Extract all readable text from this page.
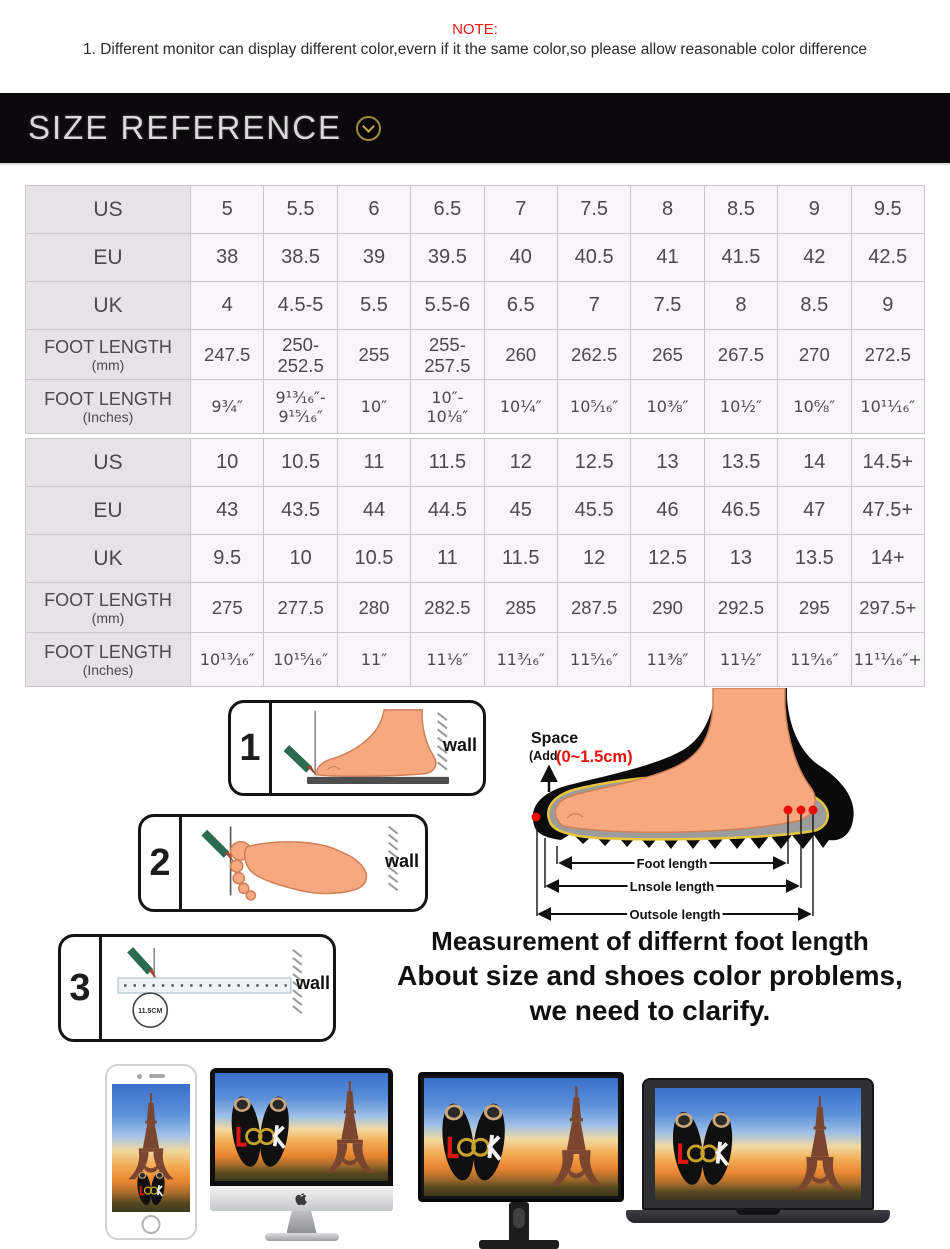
NOTE:
1. Different monitor can display different color,evern if it the same color,so please allow reasonable color difference
SIZE REFERENCE
US	5	5.5	6	6.5	7	7.5	8	8.5	9	9.5

EU	38	38.5	39	39.5	40	40.5	41	41.5	42	42.5

UK	4	4.5-5	5.5	5.5-6	6.5	7	7.5	8	8.5	9

FOOT LENGTH
(mm)	247.5	250- 252.5	255	255- 257.5	260	262.5	265	267.5	270	272.5

FOOT LENGTH
(Inches)	9¾″	9¹³⁄₁₆″- 9¹⁵⁄₁₆″	10″	10″- 10⅛″	10¼″	10⁵⁄₁₆″	10⅜″	10½″	10⁶⁄₈″	10¹¹⁄₁₆″
US	10	10.5	11	11.5	12	12.5	13	13.5	14	14.5+

EU	43	43.5	44	44.5	45	45.5	46	46.5	47	47.5+

UK	9.5	10	10.5	11	11.5	12	12.5	13	13.5	14+

FOOT LENGTH
(mm)	275	277.5	280	282.5	285	287.5	290	292.5	295	297.5+

FOOT LENGTH
(Inches)	10¹³⁄₁₆″	10¹⁵⁄₁₆″	11″	11⅛″	11³⁄₁₆″	11⁵⁄₁₆″	11⅜″	11½″	11⁹⁄₁₆″	11¹¹⁄₁₆″+
1	wall
2	wall
3
11.5CM
wall
Space
(Add
(0~1.5cm)
Foot length
Lnsole length
Outsole length
Measurement of differnt foot length
About size and shoes color problems,
we need to clarify.
